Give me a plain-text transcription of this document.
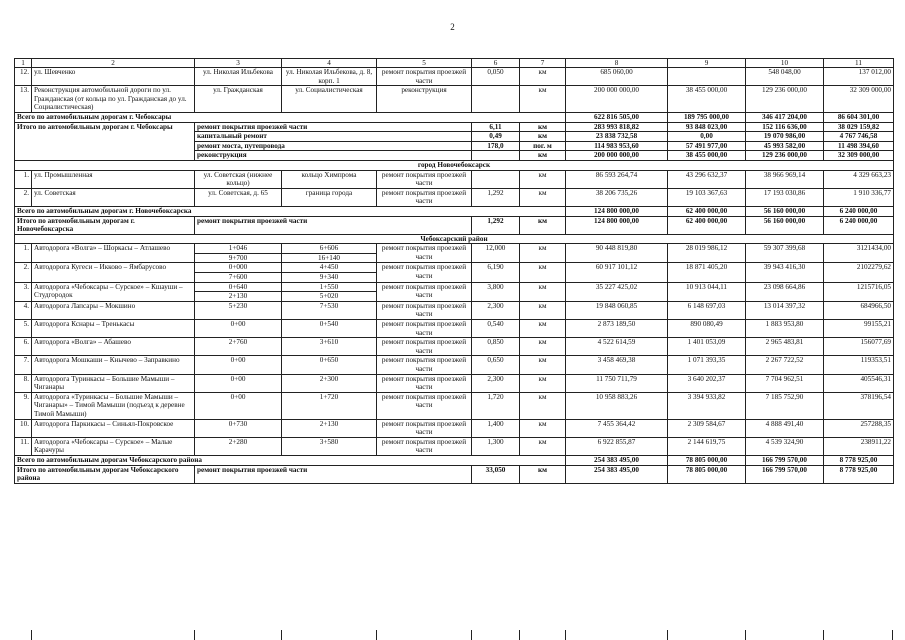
2
1	2	3	4	5	6	7	8	9	10	11
12.	ул. Шевченко	ул. Николая Ильбекова	ул. Николая Ильбекова, д. 8, корп. 1	ремонт покрытия проезжей части	0,050	км	685 060,00		548 048,00	137 012,00
13.	Реконструкция автомобильной дороги по ул. Гражданская (от кольца по ул. Гражданская до ул. Социалистическая)	ул. Гражданская	ул. Социалистическая	реконструкция		км	200 000 000,00	38 455 000,00	129 236 000,00	32 309 000,00
Всего по автомобильным дорогам г. Чебоксары							622 816 505,00	189 795 000,00	346 417 204,00	86 604 301,00
Итого по автомобильным дорогам г. Чебоксары		ремонт покрытия проезжей части			6,11	км	283 993 818,82	93 848 023,00	152 116 636,00	38 029 159,82
		капитальный ремонт			0,49	км	23 838 732,58	0,00	19 070 986,00	4 767 746,58
		ремонт моста, путепровода			178,0	пог. м	114 983 953,60	57 491 977,00	45 993 582,00	11 498 394,60
		реконструкция				км	200 000 000,00	38 455 000,00	129 236 000,00	32 309 000,00
город Новочебоксарск										
1.	ул. Промышленная	ул. Советская (нижнее кольцо)	кольцо Химпрома	ремонт покрытия проезжей части		км	86 593 264,74	43 296 632,37	38 966 969,14	4 329 663,23
2.	ул. Советская	ул. Советская, д. 65	граница города	ремонт покрытия проезжей части	1,292	км	38 206 735,26	19 103 367,63	17 193 030,86	1 910 336,77
Всего по автомобильным дорогам г. Новочебоксарска							124 800 000,00	62 400 000,00	56 160 000,00	6 240 000,00
Итого по автомобильным дорогам г. Новочебоксарска		ремонт покрытия проезжей части			1,292	км	124 800 000,00	62 400 000,00	56 160 000,00	6 240 000,00
Чебоксарский район										
1.	Автодорога «Волга» – Шоркасы – Атлашево	1+046	6+606	ремонт покрытия проезжей части	12,000	км	90 448 819,80	28 019 986,12	59 307 399,68	3121434,00
		9+700	16+140							
2.	Автодорога Кугеси – Икково – Ямбарусово	0+000	4+450	ремонт покрытия проезжей части	6,190	км	60 917 101,12	18 871 405,20	39 943 416,30	2102279,62
		7+600	9+340							
3.	Автодорога «Чебоксары – Сурское» – Кшауши – Студгородок	0+640	1+550	ремонт покрытия проезжей части	3,800	км	35 227 425,02	10 913 044,11	23 098 664,86	1215716,05
		2+130	5+020							
4.	Автодорога Лапсары – Мокшино	5+230	7+530	ремонт покрытия проезжей части	2,300	км	19 848 060,85	6 148 697,03	13 014 397,32	684966,50
5.	Автодорога Кснары – Тренькасы	0+00	0+540	ремонт покрытия проезжей части	0,540	км	2 873 189,50	890 080,49	1 883 953,80	99155,21
6.	Автодорога «Волга» – Абашево	2+760	3+610	ремонт покрытия проезжей части	0,850	км	4 522 614,59	1 401 053,09	2 965 483,81	156077,69
7.	Автодорога Мошкаши – Кнычево – Заправкино	0+00	0+650	ремонт покрытия проезжей части	0,650	км	3 458 469,38	1 071 393,35	2 267 722,52	119353,51
8.	Автодорога Туринкасы – Большие Мамыши – Чиганары	0+00	2+300	ремонт покрытия проезжей части	2,300	км	11 750 711,79	3 640 202,37	7 704 962,51	405546,31
9.	Автодорога «Туринкасы – Большие Мамыши – Чиганары» – Тимой Мамыши (подъезд к деревне Тимой Мамыши)	0+00	1+720	ремонт покрытия проезжей части	1,720	км	10 958 883,26	3 394 933,82	7 185 752,90	378196,54
10.	Автодорога Паркикасы – Синьял-Покровское	0+730	2+130	ремонт покрытия проезжей части	1,400	км	7 455 364,42	2 309 584,67	4 888 491,40	257288,35
11.	Автодорога «Чебоксары – Сурское» – Малые Карачуры	2+280	3+580	ремонт покрытия проезжей части	1,300	км	6 922 855,87	2 144 619,75	4 539 324,90	238911,22
Всего по автомобильным дорогам Чебоксарского района							254 383 495,00	78 805 000,00	166 799 570,00	8 778 925,00
Итого по автомобильным дорогам Чебоксарского района		ремонт покрытия проезжей части			33,050	км	254 383 495,00	78 805 000,00	166 799 570,00	8 778 925,00
